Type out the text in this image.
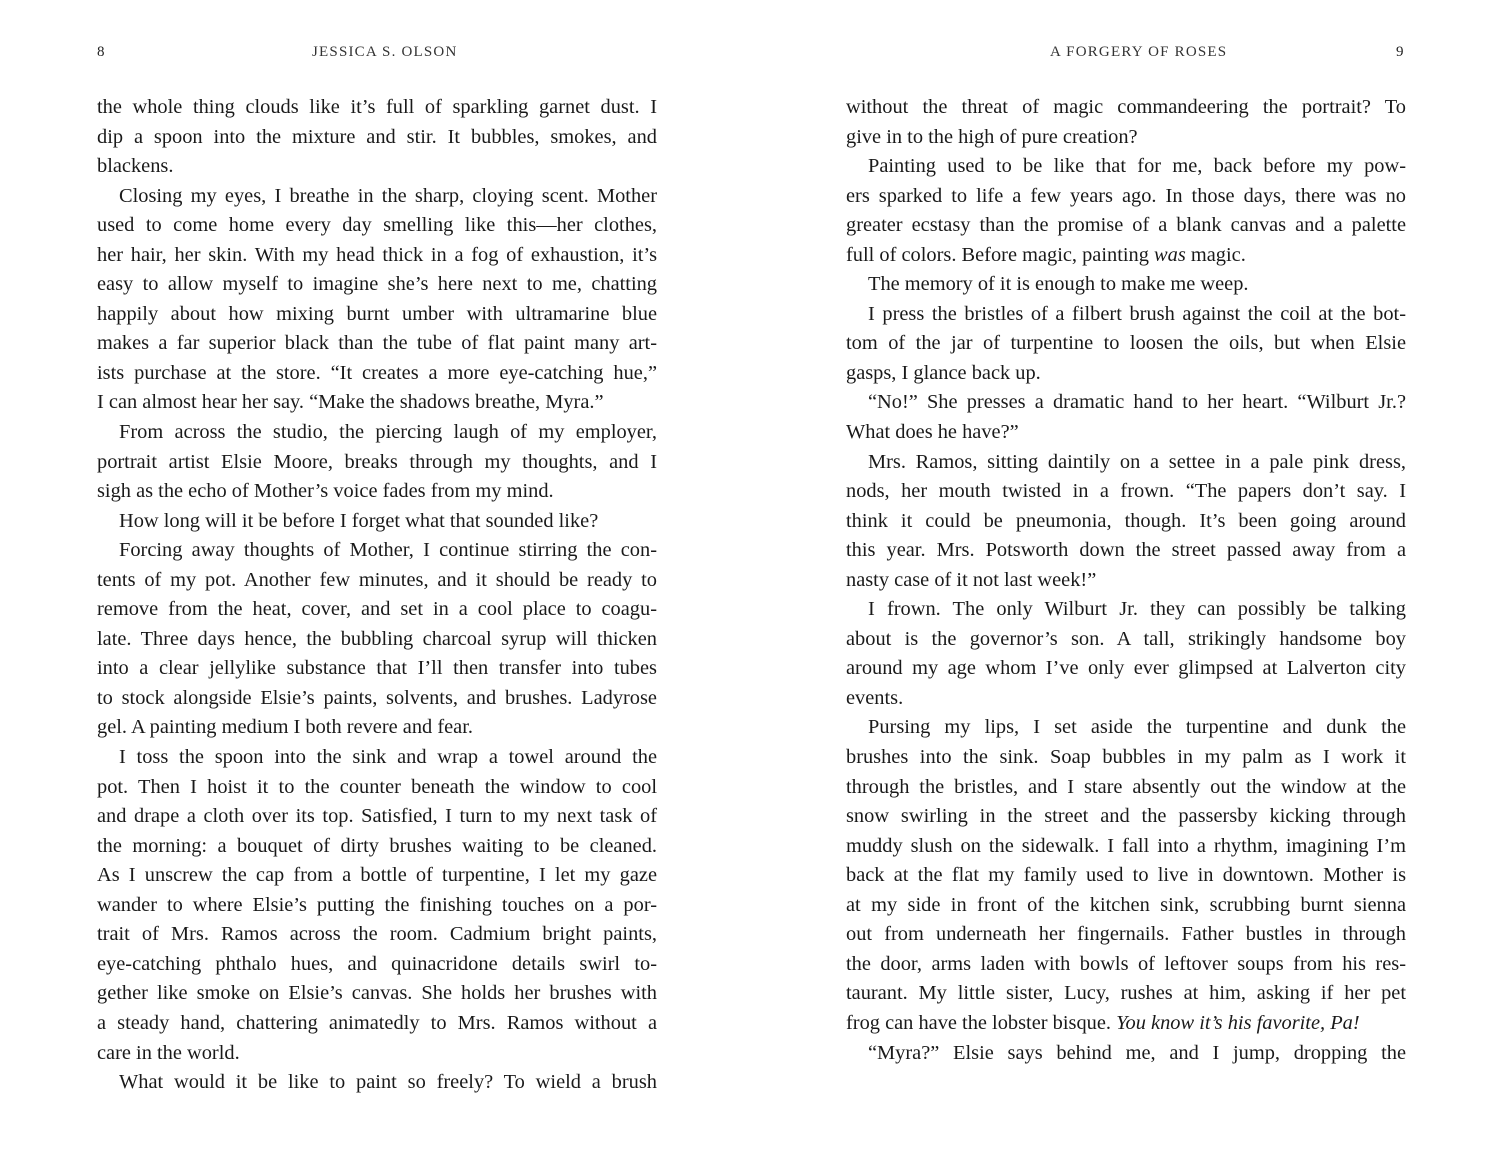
8	JESSICA S. OLSON
the whole thing clouds like it’s full of sparkling garnet dust. I
dip a spoon into the mixture and stir. It bubbles, smokes, and
blackens.
Closing my eyes, I breathe in the sharp, cloying scent. Mother
used to come home every day smelling like this—her clothes,
her hair, her skin. With my head thick in a fog of exhaustion, it’s
easy to allow myself to imagine she’s here next to me, chatting
happily about how mixing burnt umber with ultramarine blue
makes a far superior black than the tube of flat paint many art-
ists purchase at the store. “It creates a more eye-catching hue,”
I can almost hear her say. “Make the shadows breathe, Myra.”
From across the studio, the piercing laugh of my employer,
portrait artist Elsie Moore, breaks through my thoughts, and I
sigh as the echo of Mother’s voice fades from my mind.
How long will it be before I forget what that sounded like?
Forcing away thoughts of Mother, I continue stirring the con-
tents of my pot. Another few minutes, and it should be ready to
remove from the heat, cover, and set in a cool place to coagu-
late. Three days hence, the bubbling charcoal syrup will thicken
into a clear jellylike substance that I’ll then transfer into tubes
to stock alongside Elsie’s paints, solvents, and brushes. Ladyrose
gel. A painting medium I both revere and fear.
I toss the spoon into the sink and wrap a towel around the
pot. Then I hoist it to the counter beneath the window to cool
and drape a cloth over its top. Satisfied, I turn to my next task of
the morning: a bouquet of dirty brushes waiting to be cleaned.
As I unscrew the cap from a bottle of turpentine, I let my gaze
wander to where Elsie’s putting the finishing touches on a por-
trait of Mrs. Ramos across the room. Cadmium bright paints,
eye-catching phthalo hues, and quinacridone details swirl to-
gether like smoke on Elsie’s canvas. She holds her brushes with
a steady hand, chattering animatedly to Mrs. Ramos without a
care in the world.
What would it be like to paint so freely? To wield a brush
A FORGERY OF ROSES	9
without the threat of magic commandeering the portrait? To
give in to the high of pure creation?
Painting used to be like that for me, back before my pow-
ers sparked to life a few years ago. In those days, there was no
greater ecstasy than the promise of a blank canvas and a palette
full of colors. Before magic, painting was magic.
The memory of it is enough to make me weep.
I press the bristles of a filbert brush against the coil at the bot-
tom of the jar of turpentine to loosen the oils, but when Elsie
gasps, I glance back up.
“No!” She presses a dramatic hand to her heart. “Wilburt Jr.?
What does he have?”
Mrs. Ramos, sitting daintily on a settee in a pale pink dress,
nods, her mouth twisted in a frown. “The papers don’t say. I
think it could be pneumonia, though. It’s been going around
this year. Mrs. Potsworth down the street passed away from a
nasty case of it not last week!”
I frown. The only Wilburt Jr. they can possibly be talking
about is the governor’s son. A tall, strikingly handsome boy
around my age whom I’ve only ever glimpsed at Lalverton city
events.
Pursing my lips, I set aside the turpentine and dunk the
brushes into the sink. Soap bubbles in my palm as I work it
through the bristles, and I stare absently out the window at the
snow swirling in the street and the passersby kicking through
muddy slush on the sidewalk. I fall into a rhythm, imagining I’m
back at the flat my family used to live in downtown. Mother is
at my side in front of the kitchen sink, scrubbing burnt sienna
out from underneath her fingernails. Father bustles in through
the door, arms laden with bowls of leftover soups from his res-
taurant. My little sister, Lucy, rushes at him, asking if her pet
frog can have the lobster bisque. You know it’s his favorite, Pa!
“Myra?” Elsie says behind me, and I jump, dropping the
